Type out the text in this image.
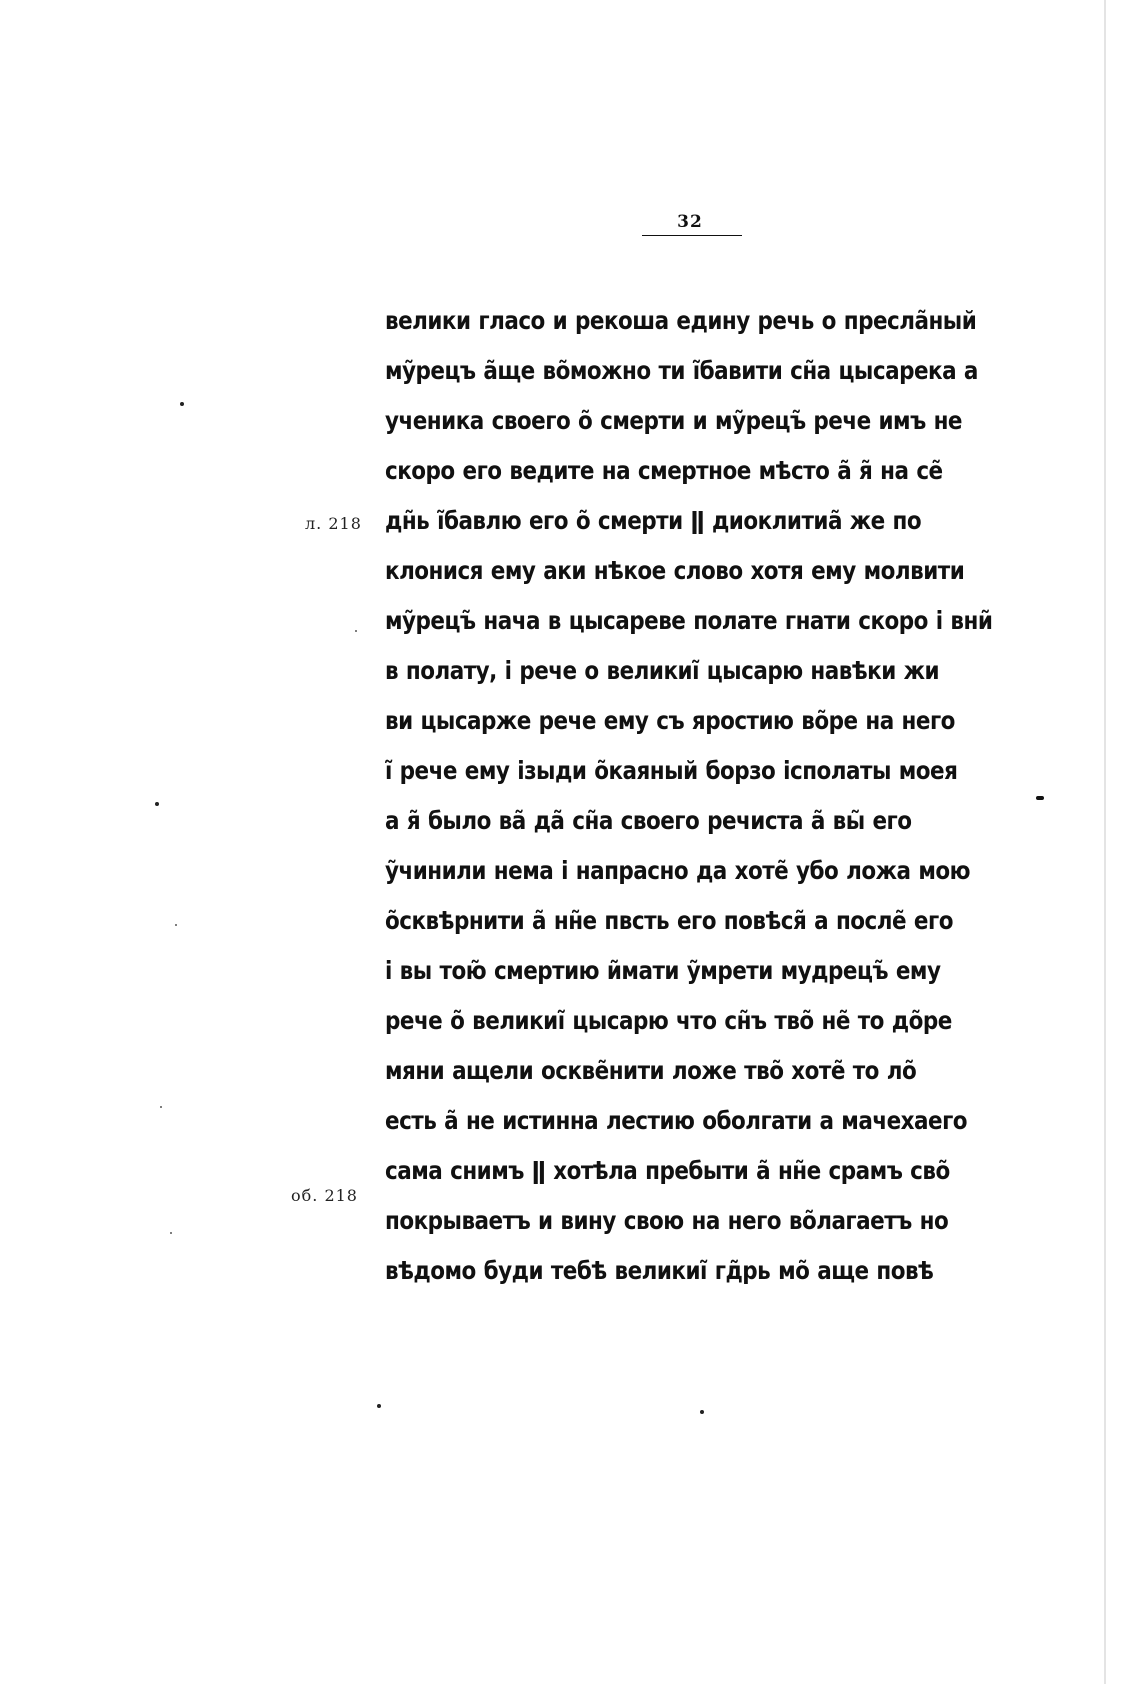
32
л. 218
об. 218
велики гласо и рекоша едину речь о пресла̃ный
му̃рецъ а̃ще во̃можно ти і̃бавити сн̃а цысарека а
ученика своего о̃ смерти и му̃рецъ̃ рече имъ не
скоро его ведите на смертное мѣсто а̃ я̃ на се̃
дн̃ь і̃бавлю его о̃ смерти ǁ диоклитиа̃ же по
клонися ему аки нѣкое слово хотя ему молвити
му̃рецъ̃ нача в цысареве полате гнати скоро і вни̃
в полату, і рече о великиі̃ цысарю навѣки жи
ви цысарже рече ему съ яростию во̃ре на него
і̃ рече ему ізыди о̃каяный борзо ісполаты моея
а я̃ было ва̃ да̃ сн̃а своего речиста а̃ вы̃ его
у̃чинили нема і напрасно да хоте̃ убо ложа мою
о̃сквѣрнити а̃ нн̃е пвсть его повѣся̃ а после̃ его
і вы тою̃ смертию и̃мати у̃мрети мудрецъ̃ ему
рече о̃ великиі̃ цысарю что сн̃ъ тво̃ не̃ то до̃ре
мяни ащели оскве̃нити ложе тво̃ хоте̃ то ло̃
есть а̃ не истинна лестию оболгати а мачехаего
сама снимъ ǁ хотѣла пребыти а̃ нн̃е срамъ сво̃
покрываетъ и вину свою на него во̃лагаетъ но
вѣдомо буди тебѣ великиі̃ гд̃рь мо̃ аще повѣ
